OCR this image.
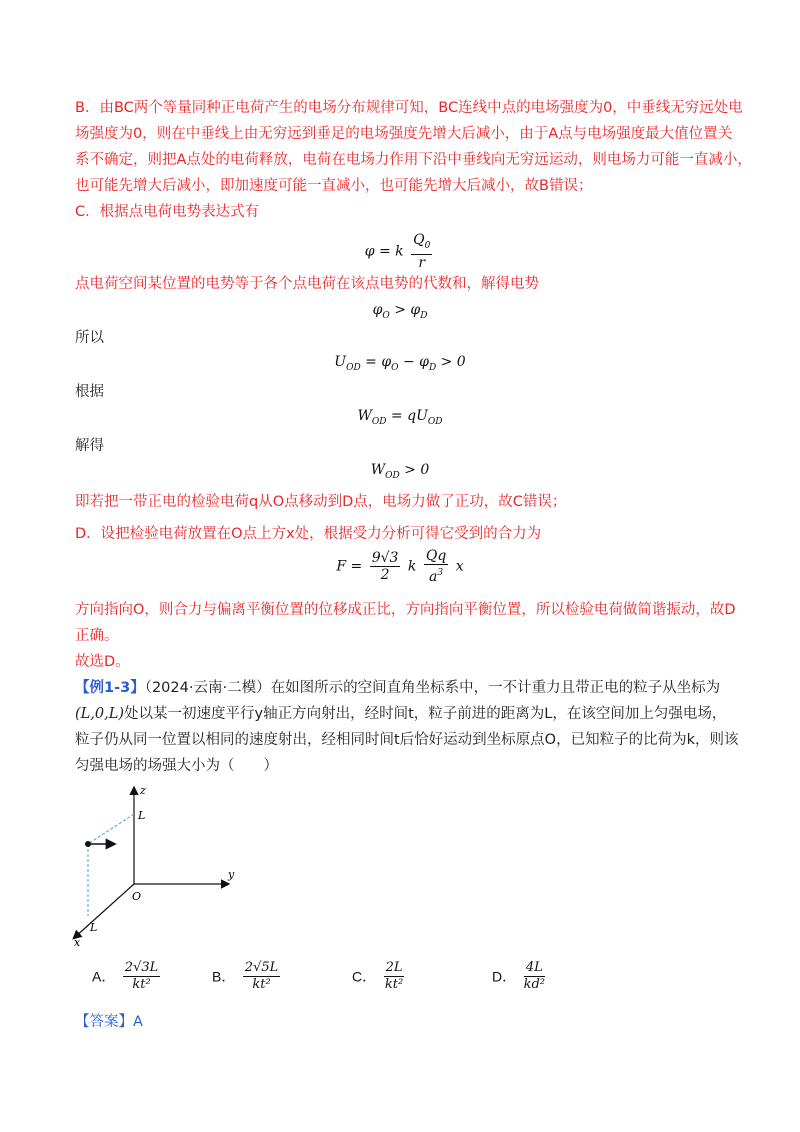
B．由BC两个等量同种正电荷产生的电场分布规律可知，BC连线中点的电场强度为0，中垂线无穷远处电
场强度为0，则在中垂线上由无穷远到垂足的电场强度先增大后减小，由于A点与电场强度最大值位置关
系不确定，则把A点处的电荷释放，电荷在电场力作用下沿中垂线向无穷远运动，则电场力可能一直减小，
也可能先增大后减小，即加速度可能一直减小，也可能先增大后减小，故B错误；
C．根据点电荷电势表达式有
φ = k $\frac{Q_0}{r}$
点电荷空间某位置的电势等于各个点电荷在该点电势的代数和，解得电势
$\varphi_O > \varphi_D$
所以
$U_{OD} = \varphi_O - \varphi_D > 0$
根据
$W_{OD} = qU_{OD}$
解得
$W_{OD} > 0$
即若把一带正电的检验电荷q从O点移动到D点，电场力做了正功，故C错误；
D．设把检验电荷放置在O点上方x处，根据受力分析可得它受到的合力为
$F = \frac{9√3}{2}$ k $\frac{Qq}{a^3}$ x
方向指向O，则合力与偏离平衡位置的位移成正比，方向指向平衡位置，所以检验电荷做简谐振动，故D
正确。
故选D。
【例1-3】（2024·云南·二模）在如图所示的空间直角坐标系中，一不计重力且带正电的粒子从坐标为
(L,0,L)处以某一初速度平行y轴正方向射出，经时间t，粒子前进的距离为L，在该空间加上匀强电场，
粒子仍从同一位置以相同的速度射出，经相同时间t后恰好运动到坐标原点O，已知粒子的比荷为k，则该
匀强电场的场强大小为（　　）
z
y
x
O
L
L
A． $\frac{2√3L}{\text{kt²}}$	B． $\frac{2√5L}{\text{kt²}}$	C． $\frac{2L}{\text{kt²}}$	D． $\frac{4L}{\text{kd²}}$
【答案】A
